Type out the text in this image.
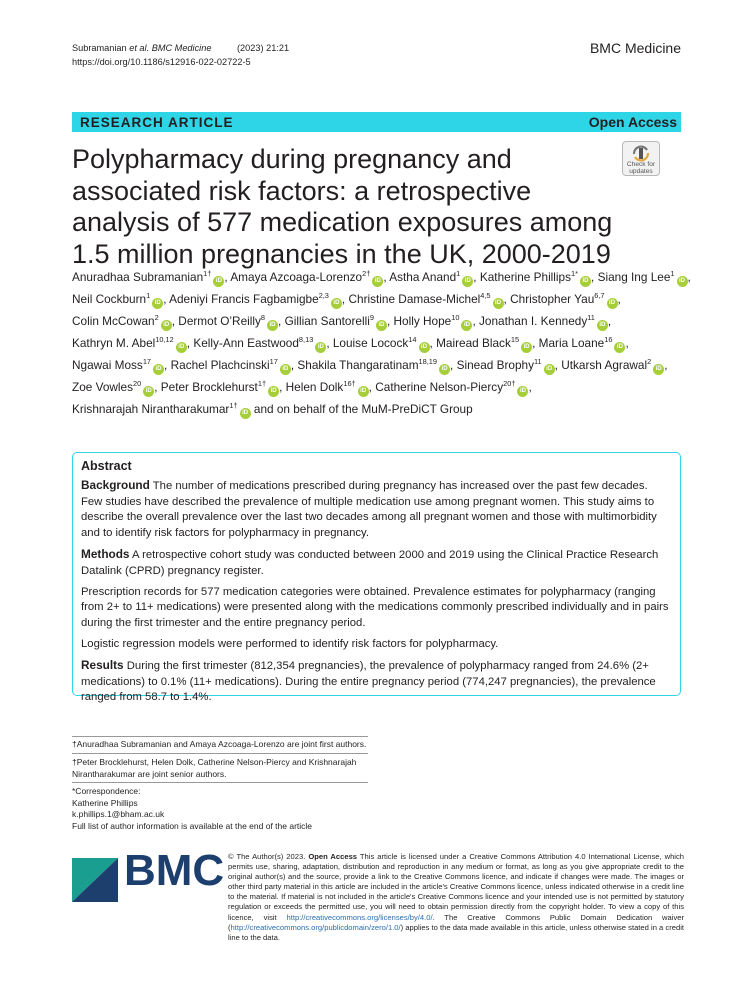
Subramanian et al. BMC Medicine	(2023) 21:21
https://doi.org/10.1186/s12916-022-02722-5
BMC Medicine
RESEARCH ARTICLE	Open Access
Check for
updates
Polypharmacy during pregnancy and associated risk factors: a retrospective analysis of 577 medication exposures among 1.5 million pregnancies in the UK, 2000-2019
Anuradhaa Subramanian$^{1\dagger}$iD , Amaya Azcoaga-Lorenzo$^{2\dagger}$iD , Astha Anand$^1$iD , Katherine Phillips$^{1*}$iD , Siang Ing Lee$^1$iD , Neil Cockburn$^1$iD , Adeniyi Francis Fagbamigbe$^{2,3}$iD , Christine Damase-Michel$^{4,5}$iD , Christopher Yau$^{6,7}$iD , Colin McCowan$^2$iD , Dermot O’Reilly$^8$iD , Gillian Santorelli$^9$iD , Holly Hope$^{10}$iD , Jonathan I. Kennedy$^{11}$iD , Kathryn M. Abel$^{10,12}$iD , Kelly-Ann Eastwood$^{8,13}$iD , Louise Locock$^{14}$iD , Mairead Black$^{15}$iD , Maria Loane$^{16}$iD , Ngawai Moss$^{17}$iD , Rachel Plachcinski$^{17}$iD , Shakila Thangaratinam$^{18,19}$iD , Sinead Brophy$^{11}$iD , Utkarsh Agrawal$^2$iD , Zoe Vowles$^{20}$iD , Peter Brocklehurst$^{1\dagger}$iD , Helen Dolk$^{16\dagger}$iD , Catherine Nelson-Piercy$^{20\dagger}$iD , Krishnarajah Nirantharakumar$^{1\dagger}$iD and on behalf of the MuM-PreDiCT Group
Abstract

Background The number of medications prescribed during pregnancy has increased over the past few decades. Few studies have described the prevalence of multiple medication use among pregnant women. This study aims to describe the overall prevalence over the last two decades among all pregnant women and those with multimorbidity and to identify risk factors for polypharmacy in pregnancy.

Methods A retrospective cohort study was conducted between 2000 and 2019 using the Clinical Practice Research Datalink (CPRD) pregnancy register.

Prescription records for 577 medication categories were obtained. Prevalence estimates for polypharmacy (ranging from 2+ to 11+ medications) were presented along with the medications commonly prescribed individually and in pairs during the first trimester and the entire pregnancy period.

Logistic regression models were performed to identify risk factors for polypharmacy.

Results During the first trimester (812,354 pregnancies), the prevalence of polypharmacy ranged from 24.6% (2+ medications) to 0.1% (11+ medications). During the entire pregnancy period (774,247 pregnancies), the prevalence ranged from 58.7 to 1.4%.

†Anuradhaa Subramanian and Amaya Azcoaga-Lorenzo are joint first authors.
†Peter Brocklehurst, Helen Dolk, Catherine Nelson-Piercy and Krishnarajah Nirantharakumar are joint senior authors.
*Correspondence:
Katherine Phillips
k.phillips.1@bham.ac.uk
Full list of author information is available at the end of the article
BMC © The Author(s) 2023. Open Access This article is licensed under a Creative Commons Attribution 4.0 International License, which permits use, sharing, adaptation, distribution and reproduction in any medium or format, as long as you give appropriate credit to the original author(s) and the source, provide a link to the Creative Commons licence, and indicate if changes were made. The images or other third party material in this article are included in the article's Creative Commons licence, unless indicated otherwise in a credit line to the material. If material is not included in the article's Creative Commons licence and your intended use is not permitted by statutory regulation or exceeds the permitted use, you will need to obtain permission directly from the copyright holder. To view a copy of this licence, visit http://creativecommons.org/licenses/by/4.0/. The Creative Commons Public Domain Dedication waiver (http://creativecommons.org/publicdomain/zero/1.0/) applies to the data made available in this article, unless otherwise stated in a credit line to the data.
